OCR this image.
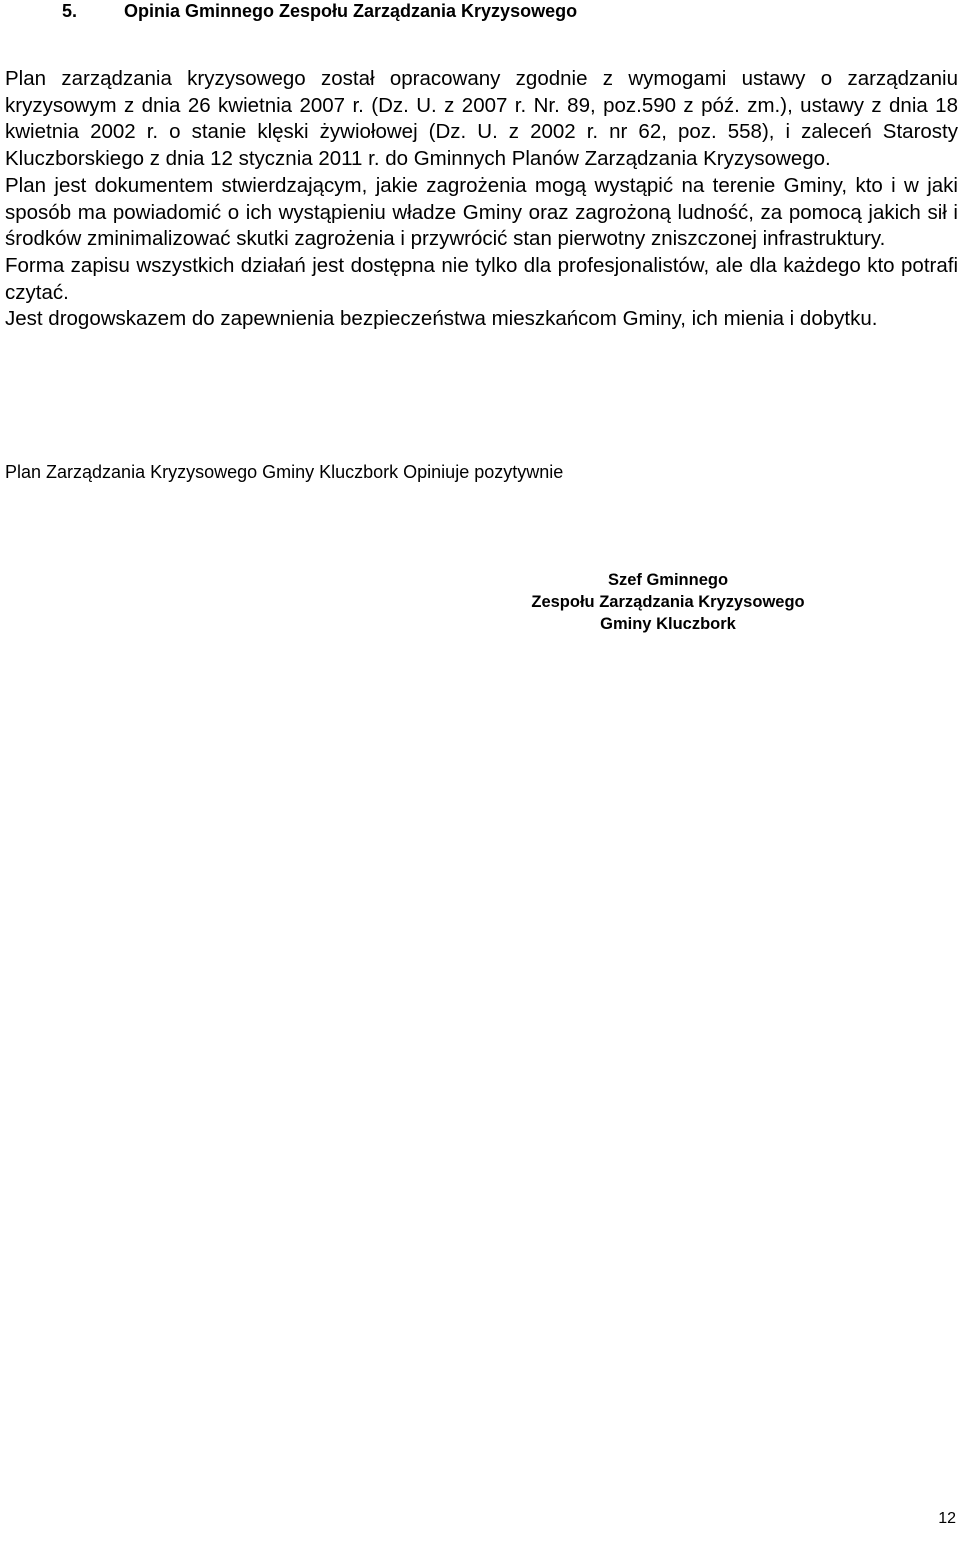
5.	Opinia Gminnego Zespołu Zarządzania Kryzysowego

Plan zarządzania kryzysowego został opracowany zgodnie z wymogami ustawy o zarządzaniu kryzysowym z dnia 26 kwietnia 2007 r. (Dz. U. z 2007 r. Nr. 89, poz.590 z póź. zm.), ustawy z dnia 18 kwietnia 2002 r. o stanie klęski żywiołowej (Dz. U. z 2002 r. nr 62, poz. 558), i zaleceń Starosty Kluczborskiego z dnia 12 stycznia 2011 r. do Gminnych Planów Zarządzania Kryzysowego.

Plan jest dokumentem stwierdzającym, jakie zagrożenia mogą wystąpić na terenie Gminy, kto i w jaki sposób ma powiadomić o ich wystąpieniu władze Gminy oraz zagrożoną ludność, za pomocą jakich sił i środków zminimalizować skutki zagrożenia i przywrócić stan pierwotny zniszczonej infrastruktury.

Forma zapisu wszystkich działań jest dostępna nie tylko dla profesjonalistów, ale dla każdego kto potrafi czytać.

Jest drogowskazem do zapewnienia bezpieczeństwa mieszkańcom Gminy, ich mienia i dobytku.

Plan Zarządzania Kryzysowego Gminy Kluczbork Opiniuje pozytywnie
Szef Gminnego
Zespołu Zarządzania Kryzysowego
Gminy Kluczbork
12
